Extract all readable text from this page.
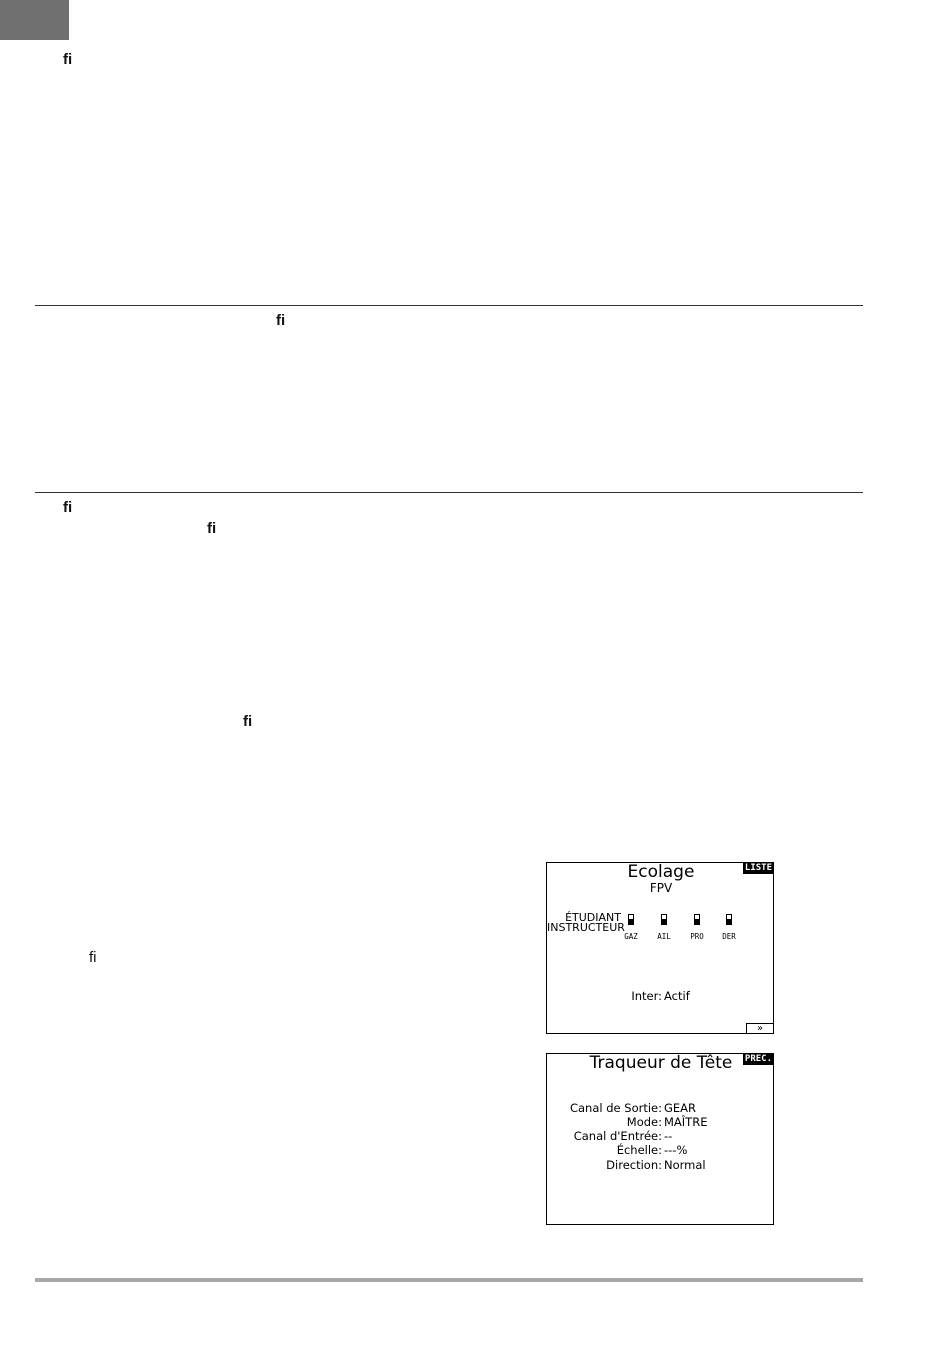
fi
fi
fi
fi
fi
fi
LISTE
Ecolage
FPV
ÉTUDIANT
INSTRUCTEUR
GAZ	AIL	PRO	DER
Inter: Actif
»
PREC.
Traqueur de Tête
Canal de Sortie: GEAR
Mode: MAÎTRE
Canal d'Entrée: --
Échelle: ---%
Direction: Normal
